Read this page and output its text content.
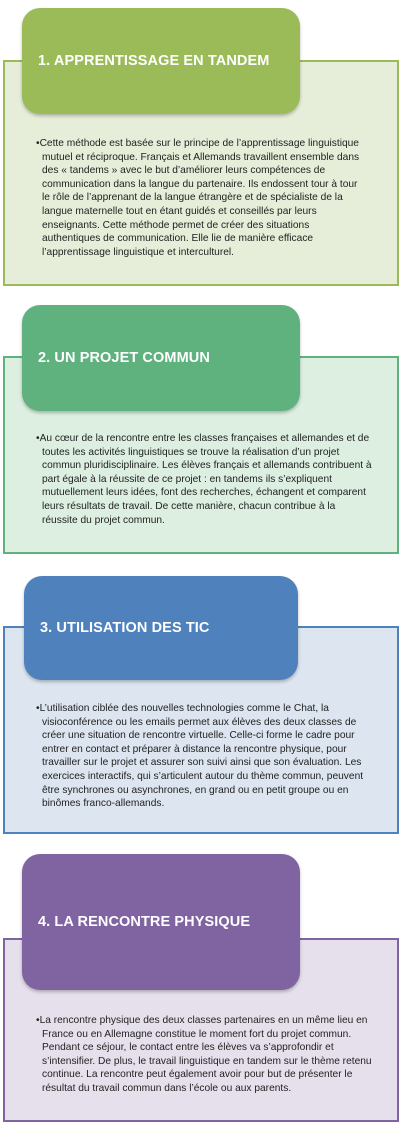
•Cette méthode est basée sur le principe de l’apprentissage linguistique mutuel et réciproque. Français et Allemands travaillent ensemble dans des « tandems » avec le but d’améliorer leurs compétences de communication dans la langue du partenaire. Ils endossent tour à tour le rôle de l’apprenant de la langue étrangère et de spécialiste de la langue maternelle tout en étant guidés et conseillés par leurs enseignants. Cette méthode permet de créer des situations authentiques de communication. Elle lie de manière efficace l’apprentissage linguistique et interculturel.

1. APPRENTISSAGE EN TANDEM

•Au cœur de la rencontre entre les classes françaises et allemandes et de toutes les activités linguistiques se trouve la réalisation d’un projet commun pluridisciplinaire. Les élèves français et allemands contribuent à part égale à la réussite de ce projet : en tandems ils s’expliquent mutuellement leurs idées, font des recherches, échangent et comparent leurs résultats de travail. De cette manière, chacun contribue à la réussite du projet commun.

2. UN PROJET COMMUN

•L’utilisation ciblée des nouvelles technologies comme le Chat, la visioconférence ou les emails permet aux élèves des deux classes de créer une situation de rencontre virtuelle. Celle-ci forme le cadre pour entrer en contact et préparer à distance la rencontre physique, pour travailler sur le projet et assurer son suivi ainsi que son évaluation. Les exercices interactifs, qui s’articulent autour du thème commun, peuvent être synchrones ou asynchrones, en grand ou en petit groupe ou en binômes franco-allemands.

3. UTILISATION DES TIC

•La rencontre physique des deux classes partenaires en un même lieu en France ou en Allemagne constitue le moment fort du projet commun. Pendant ce séjour, le contact entre les élèves va s’approfondir et s’intensifier. De plus, le travail linguistique en tandem sur le thème retenu continue. La rencontre peut également avoir pour but de présenter le résultat du travail commun dans l’école ou aux parents.

4. LA RENCONTRE PHYSIQUE
